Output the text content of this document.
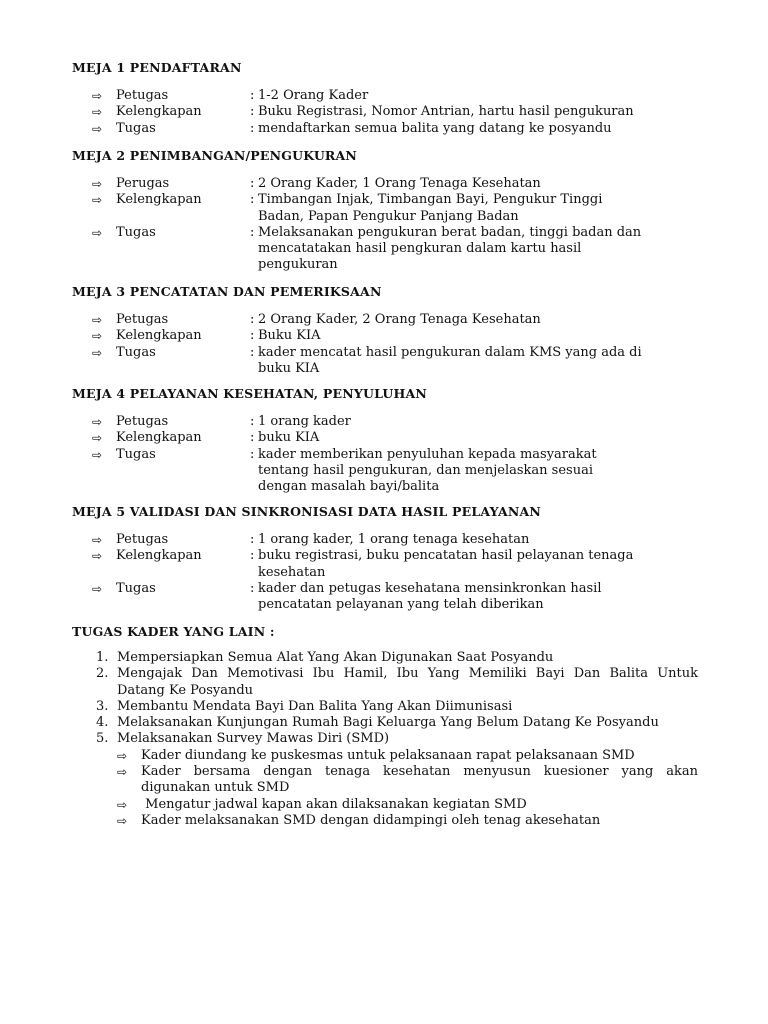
MEJA 1 PENDAFTARAN
⇨	Petugas	: 1-2 Orang Kader
⇨	Kelengkapan	: Buku Registrasi, Nomor Antrian, hartu hasil pengukuran
⇨	Tugas	: mendaftarkan semua balita yang datang ke posyandu
MEJA 2 PENIMBANGAN/PENGUKURAN
⇨	Perugas	: 2 Orang Kader, 1 Orang Tenaga Kesehatan
⇨	Kelengkapan	: Timbangan Injak, Timbangan Bayi, Pengukur Tinggi
Badan, Papan Pengukur Panjang Badan
⇨	Tugas	: Melaksanakan pengukuran berat badan, tinggi badan dan
mencatatakan hasil pengkuran dalam kartu hasil
pengukuran
MEJA 3 PENCATATAN DAN PEMERIKSAAN
⇨	Petugas	: 2 Orang Kader, 2 Orang Tenaga Kesehatan
⇨	Kelengkapan	: Buku KIA
⇨	Tugas	: kader mencatat hasil pengukuran dalam KMS yang ada di
buku KIA
MEJA 4 PELAYANAN KESEHATAN, PENYULUHAN
⇨	Petugas	: 1 orang kader
⇨	Kelengkapan	: buku KIA
⇨	Tugas	: kader memberikan penyuluhan kepada masyarakat
tentang hasil pengukuran, dan menjelaskan sesuai
dengan masalah bayi/balita
MEJA 5 VALIDASI DAN SINKRONISASI DATA HASIL PELAYANAN
⇨	Petugas	: 1 orang kader, 1 orang tenaga kesehatan
⇨	Kelengkapan	: buku registrasi, buku pencatatan hasil pelayanan tenaga
kesehatan
⇨	Tugas	: kader dan petugas kesehatana mensinkronkan hasil
pencatatan pelayanan yang telah diberikan
TUGAS KADER YANG LAIN :
1. Mempersiapkan Semua Alat Yang Akan Digunakan Saat Posyandu
2. Mengajak Dan Memotivasi Ibu Hamil, Ibu Yang Memiliki Bayi Dan Balita Untuk
Datang Ke Posyandu
3. Membantu Mendata Bayi Dan Balita Yang Akan Diimunisasi
4. Melaksanakan Kunjungan Rumah Bagi Keluarga Yang Belum Datang Ke Posyandu
5. Melaksanakan Survey Mawas Diri (SMD)
⇨	Kader diundang ke puskesmas untuk pelaksanaan rapat pelaksanaan SMD
⇨	Kader bersama dengan tenaga kesehatan menyusun kuesioner yang akan
digunakan untuk SMD
⇨	Mengatur jadwal kapan akan dilaksanakan kegiatan SMD
⇨	Kader melaksanakan SMD dengan didampingi oleh tenag akesehatan
